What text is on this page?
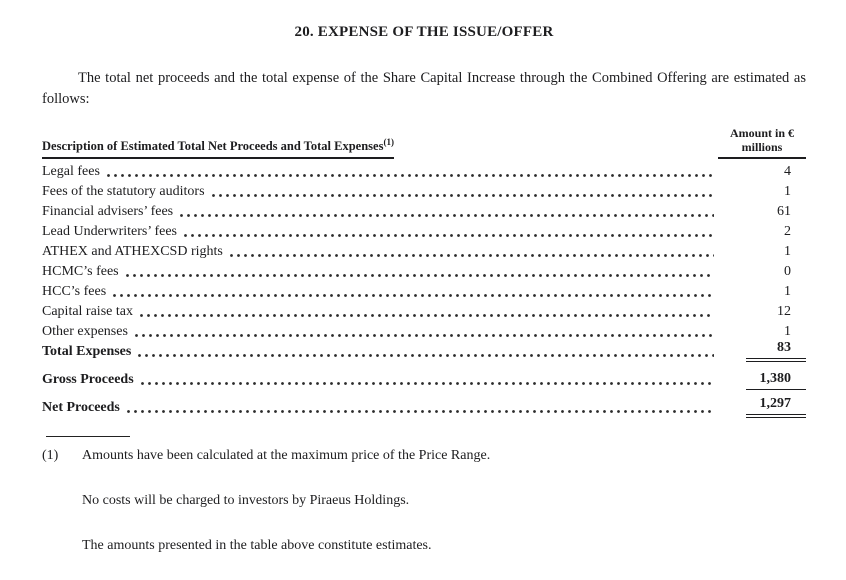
20. EXPENSE OF THE ISSUE/OFFER

The total net proceeds and the total expense of the Share Capital Increase through the Combined Offering are estimated as follows:

Description of Estimated Total Net Proceeds and Total Expenses$^{(1)}$
Amount in €
millions
Legal fees	4
Fees of the statutory auditors	1
Financial advisers’ fees	61
Lead Underwriters’ fees	2
ATHEX and ATHEXCSD rights	1
HCMC’s fees	0
HCC’s fees	1
Capital raise tax	12
Other expenses	1
Total Expenses	83
Gross Proceeds	1,380
Net Proceeds	1,297
(1)	Amounts have been calculated at the maximum price of the Price Range.
No costs will be charged to investors by Piraeus Holdings.
The amounts presented in the table above constitute estimates.
